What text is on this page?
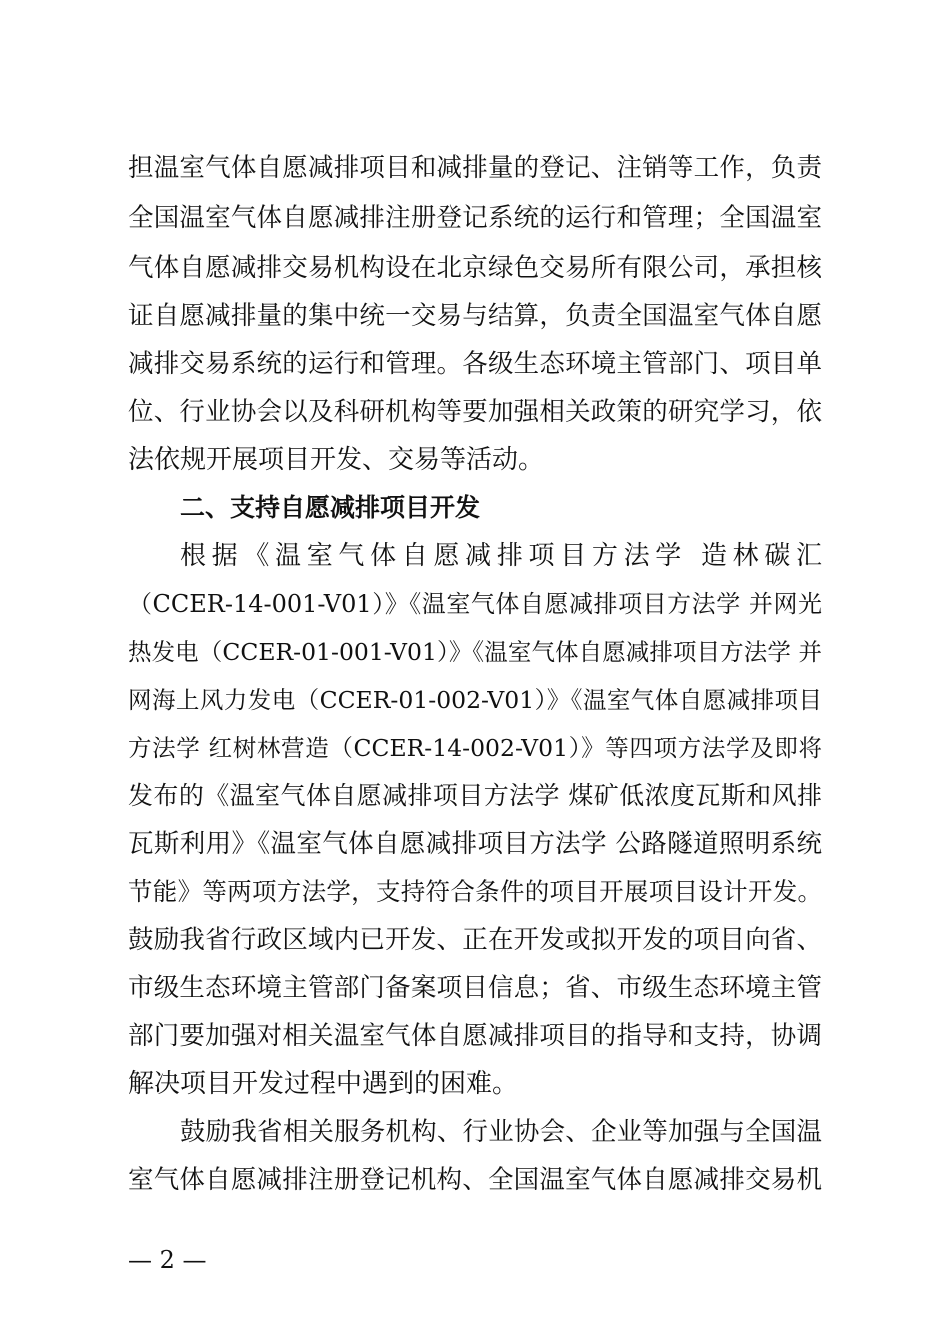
担温室气体自愿减排项目和减排量的登记、注销等工作，负责
全国温室气体自愿减排注册登记系统的运行和管理；全国温室
气体自愿减排交易机构设在北京绿色交易所有限公司，承担核
证自愿减排量的集中统一交易与结算，负责全国温室气体自愿
减排交易系统的运行和管理。各级生态环境主管部门、项目单
位、行业协会以及科研机构等要加强相关政策的研究学习，依
法依规开展项目开发、交易等活动。
二、支持自愿减排项目开发
根据《温室气体自愿减排项目方法学 造林碳汇
（CCER-14-001-V01）》《温室气体自愿减排项目方法学 并网光
热发电（CCER-01-001-V01）》《温室气体自愿减排项目方法学 并
网海上风力发电（CCER-01-002-V01）》《温室气体自愿减排项目
方法学 红树林营造（CCER-14-002-V01）》等四项方法学及即将
发布的《温室气体自愿减排项目方法学 煤矿低浓度瓦斯和风排
瓦斯利用》《温室气体自愿减排项目方法学 公路隧道照明系统
节能》等两项方法学，支持符合条件的项目开展项目设计开发。
鼓励我省行政区域内已开发、正在开发或拟开发的项目向省、
市级生态环境主管部门备案项目信息；省、市级生态环境主管
部门要加强对相关温室气体自愿减排项目的指导和支持，协调
解决项目开发过程中遇到的困难。
鼓励我省相关服务机构、行业协会、企业等加强与全国温
室气体自愿减排注册登记机构、全国温室气体自愿减排交易机
— 2 —
